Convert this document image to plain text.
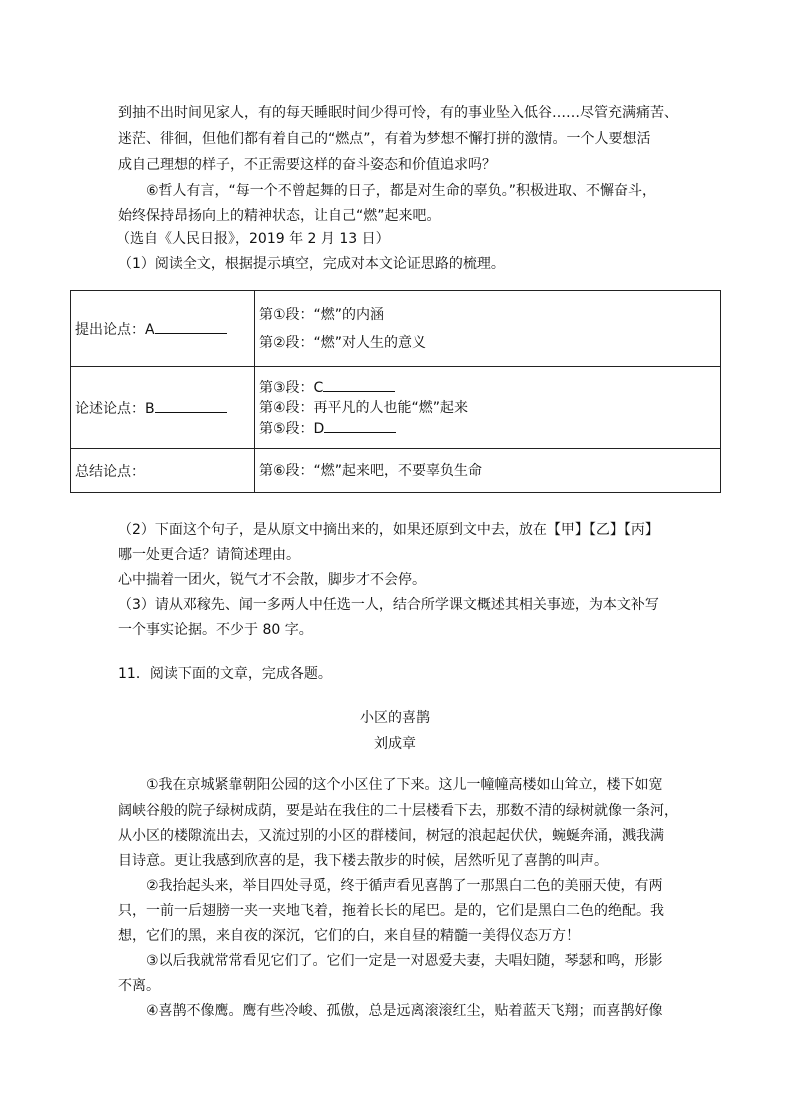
到抽不出时间见家人，有的每天睡眠时间少得可怜，有的事业坠入低谷……尽管充满痛苦、
迷茫、徘徊，但他们都有着自己的“燃点”，有着为梦想不懈打拼的激情。一个人要想活
成自己理想的样子，不正需要这样的奋斗姿态和价值追求吗？
⑥哲人有言，“每一个不曾起舞的日子，都是对生命的辜负。”积极进取、不懈奋斗，
始终保持昂扬向上的精神状态，让自己“燃”起来吧。
（选自《人民日报》，2019 年 2 月 13 日）
（1）阅读全文，根据提示填空，完成对本文论证思路的梳理。
提出论点：A	第①段：“燃”的内涵
第②段：“燃”对人生的意义

论述论点：B	第③段：C
第④段：再平凡的人也能“燃”起来
第⑤段：D

总结论点：	第⑥段：“燃”起来吧，不要辜负生命
（2）下面这个句子，是从原文中摘出来的，如果还原到文中去，放在【甲】【乙】【丙】
哪一处更合适？请简述理由。
心中揣着一团火，锐气才不会散，脚步才不会停。
（3）请从邓稼先、闻一多两人中任选一人，结合所学课文概述其相关事迹，为本文补写
一个事实论据。不少于 80 字。
11．阅读下面的文章，完成各题。
小区的喜鹊
刘成章
①我在京城紧靠朝阳公园的这个小区住了下来。这儿一幢幢高楼如山耸立，楼下如宽
阔峡谷般的院子绿树成荫，要是站在我住的二十层楼看下去，那数不清的绿树就像一条河，
从小区的楼隙流出去，又流过别的小区的群楼间，树冠的浪起起伏伏，蜿蜒奔涌，溅我满
目诗意。更让我感到欣喜的是，我下楼去散步的时候，居然听见了喜鹊的叫声。
②我抬起头来，举目四处寻觅，终于循声看见喜鹊了一那黑白二色的美丽天使，有两
只，一前一后翅膀一夹一夹地飞着，拖着长长的尾巴。是的，它们是黑白二色的绝配。我
想，它们的黑，来自夜的深沉，它们的白，来自昼的精髓一美得仪态万方！
③以后我就常常看见它们了。它们一定是一对恩爱夫妻，夫唱妇随，琴瑟和鸣，形影
不离。
④喜鹊不像鹰。鹰有些冷峻、孤傲，总是远离滚滚红尘，贴着蓝天飞翔；而喜鹊好像
